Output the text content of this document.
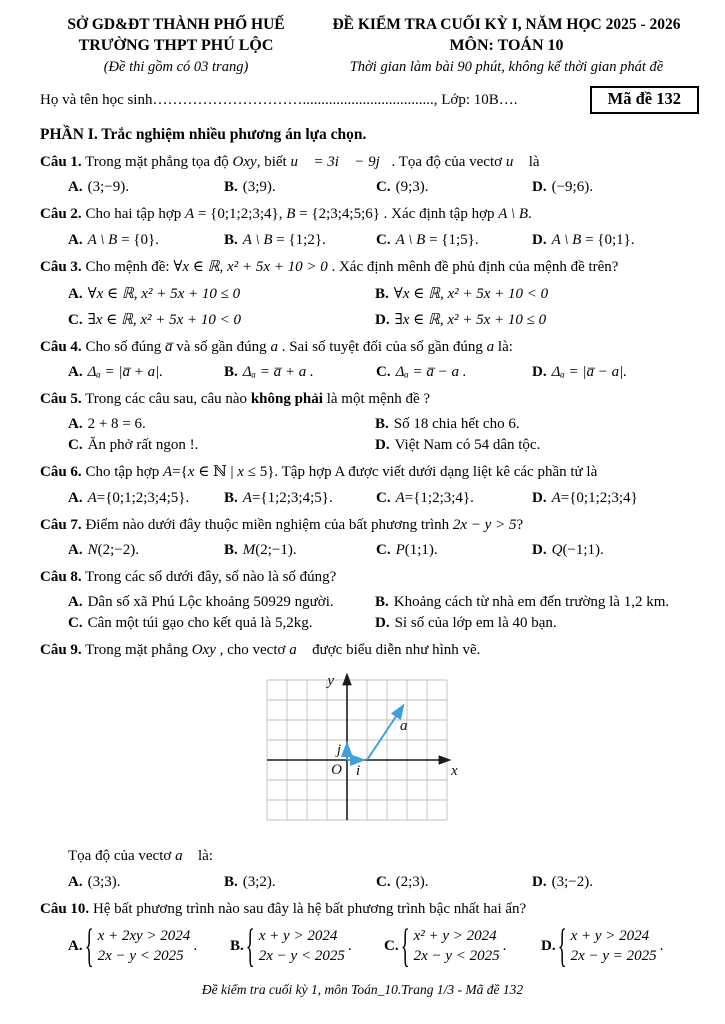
SỞ GD&ĐT THÀNH PHỐ HUẾ
TRƯỜNG THPT PHÚ LỘC
(Đề thi gồm có 03 trang)
ĐỀ KIỂM TRA CUỐI KỲ I, NĂM HỌC 2025 - 2026
MÔN: TOÁN 10
Thời gian làm bài 90 phút, không kể thời gian phát đề
Họ và tên học sinh…………………………..................................., Lớp: 10B….	Mã đề 132
PHẦN I. Trắc nghiệm nhiều phương án lựa chọn.
Câu 1. Trong mặt phẳng tọa độ Oxy, biết u⃗ = 3i⃗ − 9j⃗. Tọa độ của vectơ u⃗ là
A. (3;−9).	B. (3;9).	C. (9;3).	D. (−9;6).
Câu 2. Cho hai tập hợp A = {0;1;2;3;4}, B = {2;3;4;5;6} . Xác định tập hợp A \ B.
A. A \ B = {0}.	B. A \ B = {1;2}.	C. A \ B = {1;5}.	D. A \ B = {0;1}.
Câu 3. Cho mệnh đề: ∀x ∈ ℝ, x² + 5x + 10 > 0 . Xác định mênh đề phủ định của mệnh đề trên?
A. ∀x ∈ ℝ, x² + 5x + 10 ≤ 0	B. ∀x ∈ ℝ, x² + 5x + 10 < 0
C. ∃x ∈ ℝ, x² + 5x + 10 < 0	D. ∃x ∈ ℝ, x² + 5x + 10 ≤ 0
Câu 4. Cho số đúng a̅ và số gần đúng a . Sai số tuyệt đối của số gần đúng a là:
A. Δₐ = |a̅ + a|.	B. Δₐ = a̅ + a .	C. Δₐ = a̅ − a .	D. Δₐ = |a̅ − a|.
Câu 5. Trong các câu sau, câu nào không phải là một mệnh đề ?
A. 2 + 8 = 6.	B. Số 18 chia hết cho 6.
C. Ăn phở rất ngon !.	D. Việt Nam có 54 dân tộc.
Câu 6. Cho tập hợp A={x ∈ ℕ | x ≤ 5}. Tập hợp A được viết dưới dạng liệt kê các phần tử là
A. A={0;1;2;3;4;5}.	B. A={1;2;3;4;5}.	C. A={1;2;3;4}.	D. A={0;1;2;3;4}
Câu 7. Điểm nào dưới đây thuộc miền nghiệm của bất phương trình 2x − y > 5?
A. N(2;−2).	B. M(2;−1).	C. P(1;1).	D. Q(−1;1).
Câu 8. Trong các số dưới đây, số nào là số đúng?
A. Dân số xã Phú Lộc khoảng 50929 người.	B. Khoảng cách từ nhà em đến trường là 1,2 km.
C. Cân một túi gạo cho kết quả là 5,2kg.	D. Sỉ số của lớp em là 40 bạn.
Câu 9. Trong mặt phẳng Oxy , cho vectơ a⃗ được biểu diễn như hình vẽ.
y
x
O
j
i
a⃗
Tọa độ của vectơ a⃗ là:
A. (3;3).	B. (3;2).	C. (2;3).	D. (3;−2).
Câu 10. Hệ bất phương trình nào sau đây là hệ bất phương trình bậc nhất hai ẩn?
A.
{ x + 2xy > 2024
2x − y < 2025
. B.
{ x + y > 2024
2x − y < 2025
. C.
{ x² + y > 2024
2x − y < 2025
. D.
{ x + y > 2024
2x − y = 2025
.
Đề kiểm tra cuối kỳ 1, môn Toán_10.Trang 1/3 - Mã đề 132
